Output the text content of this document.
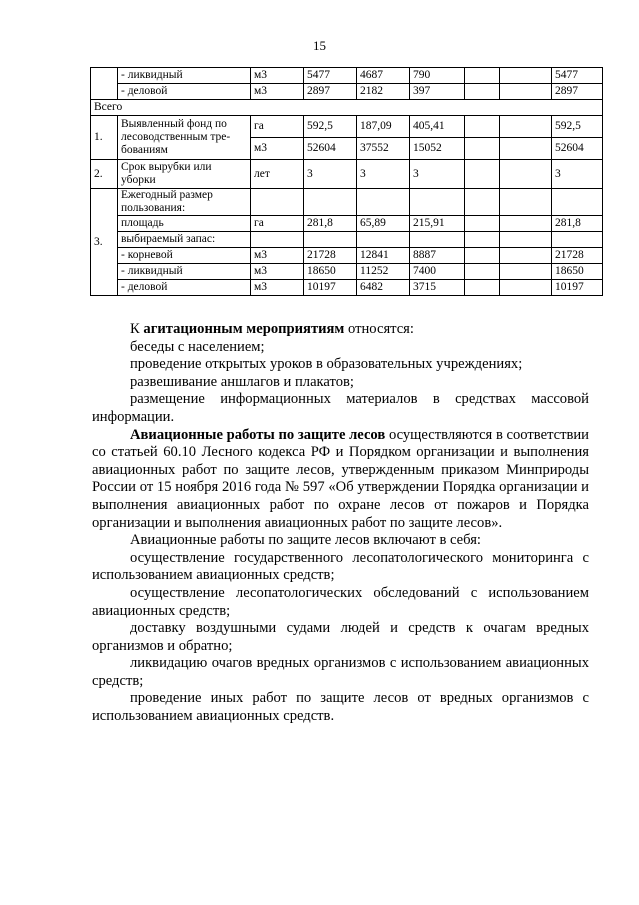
15
	- ликвидный	м3	5477	4687	790			5477
	- деловой	м3	2897	2182	397			2897
Всего								
1.	Выявленный фонд по лесоводственным тре-бованиям	га	592,5	187,09	405,41			592,5
		м3	52604	37552	15052			52604
2.	Срок вырубки или уборки	лет	3	3	3			3
3.	Ежегодный размер пользования:							
	площадь	га	281,8	65,89	215,91			281,8
	выбираемый запас:							
	- корневой	м3	21728	12841	8887			21728
	- ликвидный	м3	18650	11252	7400			18650
	- деловой	м3	10197	6482	3715			10197

К агитационным мероприятиям относятся:

беседы с населением;

проведение открытых уроков в образовательных учреждениях;

развешивание аншлагов и плакатов;

размещение информационных материалов в средствах массовой информации.

Авиационные работы по защите лесов осуществляются в соответствии со статьей 60.10 Лесного кодекса РФ и Порядком организации и выполнения авиационных работ по защите лесов, утвержденным приказом Минприроды России от 15 ноября 2016 года № 597 «Об утверждении Порядка организации и выполнения авиационных работ по охране лесов от пожаров и Порядка организации и выполнения авиационных работ по защите лесов».

Авиационные работы по защите лесов включают в себя:

осуществление государственного лесопатологического мониторинга с использованием авиационных средств;

осуществление лесопатологических обследований с использованием авиационных средств;

доставку воздушными судами людей и средств к очагам вредных организмов и обратно;

ликвидацию очагов вредных организмов с использованием авиационных средств;

проведение иных работ по защите лесов от вредных организмов с использованием авиационных средств.
